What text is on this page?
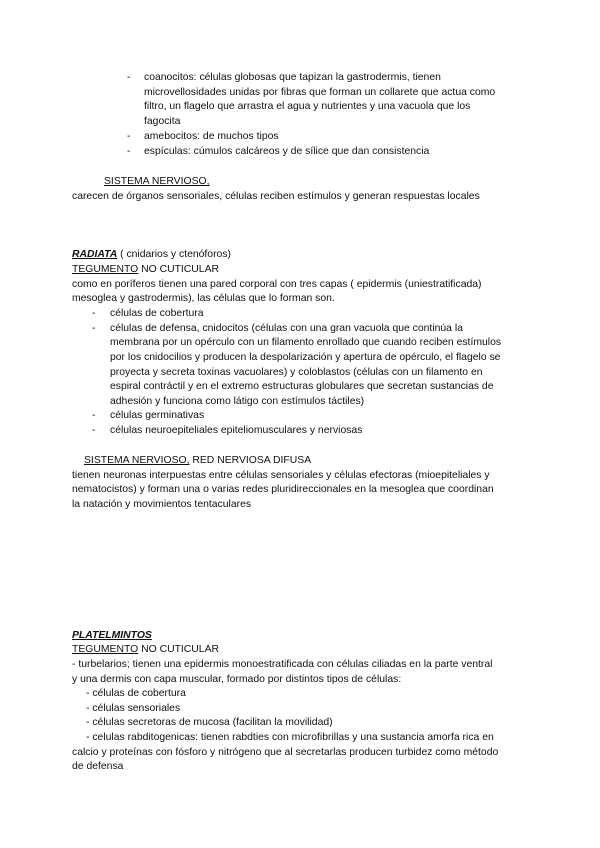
- coanocitos: células globosas que tapizan la gastrodermis, tienen
microvellosidades unidas por fibras que forman un collarete que actua como
filtro, un flagelo que arrastra el agua y nutrientes y una vacuola que los
fagocita
- amebocitos: de muchos tipos
- espículas: cúmulos calcáreos y de sílice que dan consistencia
SISTEMA NERVIOSO,
carecen de órganos sensoriales, células reciben estímulos y generan respuestas locales
RADIATA ( cnidarios y ctenóforos)
TEGUMENTO NO CUTICULAR
como en poríferos tienen una pared corporal con tres capas ( epidermis (uniestratificada)
mesoglea y gastrodermis), las células que lo forman son.
- células de cobertura
- células de defensa, cnidocitos (células con una gran vacuola que continúa la
membrana por un opérculo con un filamento enrollado que cuando reciben estímulos
por los cnidocilios y producen la despolarización y apertura de opérculo, el flagelo se
proyecta y secreta toxinas vacuolares) y coloblastos (células con un filamento en
espiral contráctil y en el extremo estructuras globulares que secretan sustancias de
adhesión y funciona como látigo con estímulos táctiles)
- células germinativas
- células neuroepiteliales epiteliomusculares y nerviosas
SISTEMA NERVIOSO, RED NERVIOSA DIFUSA
tienen neuronas interpuestas entre células sensoriales y células efectoras (mioepiteliales y
nematocistos) y forman una o varias redes pluridireccionales en la mesoglea que coordinan
la natación y movimientos tentaculares
PLATELMINTOS
TEGUMENTO NO CUTICULAR
- turbelarios; tienen una epidermis monoestratificada con células ciliadas en la parte ventral
y una dermis con capa muscular, formado por distintos tipos de células:
- células de cobertura
- células sensoriales
- células secretoras de mucosa (facilitan la movilidad)
- celulas rabditogenicas: tienen rabdties con microfibrillas y una sustancia amorfa rica en
calcio y proteínas con fósforo y nitrógeno que al secretarlas producen turbidez como método
de defensa
